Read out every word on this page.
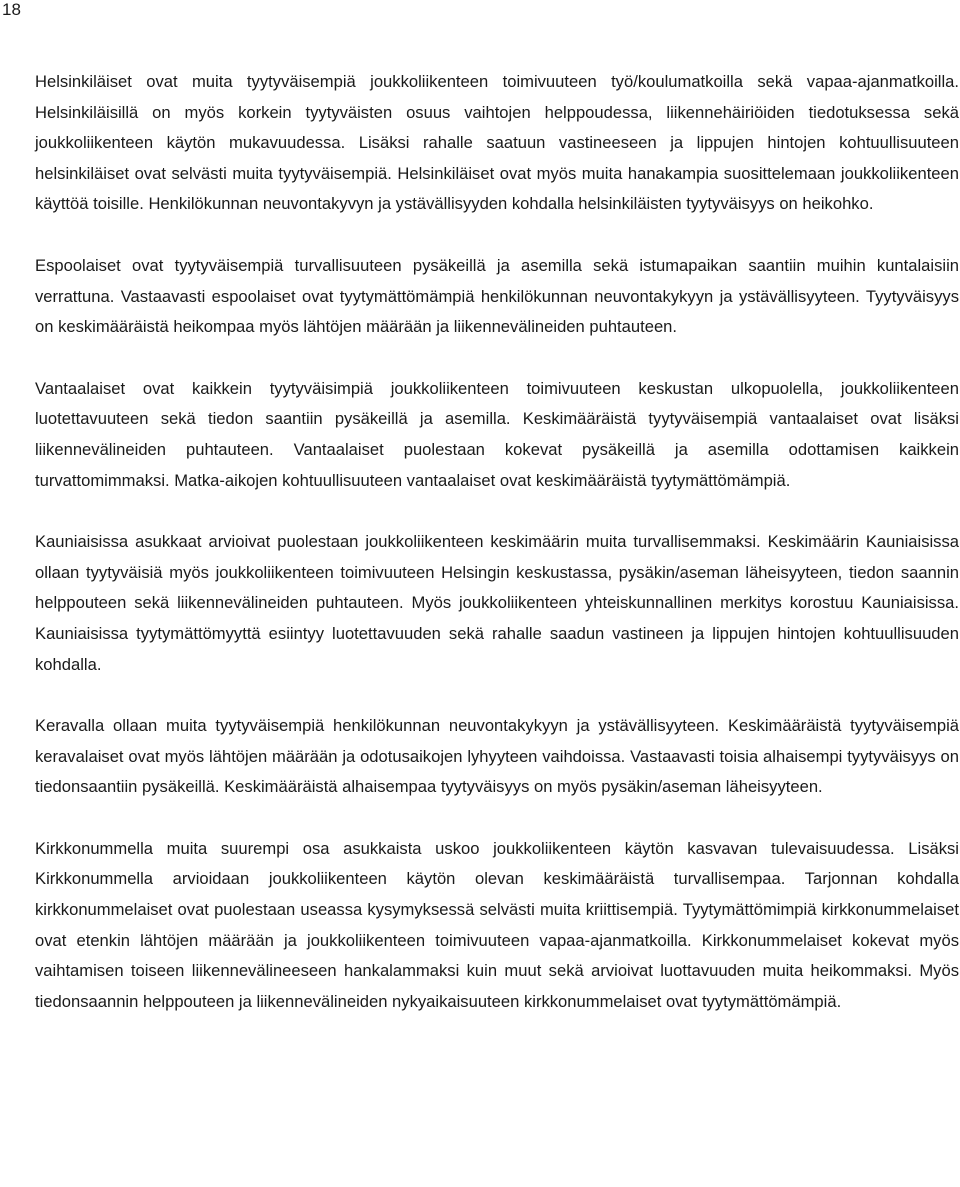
18

Helsinkiläiset ovat muita tyytyväisempiä joukkoliikenteen toimivuuteen työ/koulumatkoilla sekä vapaa-ajanmatkoilla. Helsinkiläisillä on myös korkein tyytyväisten osuus vaihtojen helppoudessa, liikennehäiriöiden tiedotuksessa sekä joukkoliikenteen käytön mukavuudessa. Lisäksi rahalle saatuun vastineeseen ja lippujen hintojen kohtuullisuuteen helsinkiläiset ovat selvästi muita tyytyväisempiä. Helsinkiläiset ovat myös muita hanakampia suosittelemaan joukkoliikenteen käyttöä toisille. Henkilökunnan neuvontakyvyn ja ystävällisyyden kohdalla helsinkiläisten tyytyväisyys on heikohko.

Espoolaiset ovat tyytyväisempiä turvallisuuteen pysäkeillä ja asemilla sekä istumapaikan saantiin muihin kuntalaisiin verrattuna. Vastaavasti espoolaiset ovat tyytymättömämpiä henkilökunnan neuvontakykyyn ja ystävällisyyteen. Tyytyväisyys on keskimääräistä heikompaa myös lähtöjen määrään ja liikennevälineiden puhtauteen.

Vantaalaiset ovat kaikkein tyytyväisimpiä joukkoliikenteen toimivuuteen keskustan ulkopuolella, joukkoliikenteen luotettavuuteen sekä tiedon saantiin pysäkeillä ja asemilla. Keskimääräistä tyytyväisempiä vantaalaiset ovat lisäksi liikennevälineiden puhtauteen. Vantaalaiset puolestaan kokevat pysäkeillä ja asemilla odottamisen kaikkein turvattomimmaksi. Matka-aikojen kohtuullisuuteen vantaalaiset ovat keskimääräistä tyytymättömämpiä.

Kauniaisissa asukkaat arvioivat puolestaan joukkoliikenteen keskimäärin muita turvallisemmaksi. Keskimäärin Kauniaisissa ollaan tyytyväisiä myös joukkoliikenteen toimivuuteen Helsingin keskustassa, pysäkin/aseman läheisyyteen, tiedon saannin helppouteen sekä liikennevälineiden puhtauteen. Myös joukkoliikenteen yhteiskunnallinen merkitys korostuu Kauniaisissa. Kauniaisissa tyytymättömyyttä esiintyy luotettavuuden sekä rahalle saadun vastineen ja lippujen hintojen kohtuullisuuden kohdalla.

Keravalla ollaan muita tyytyväisempiä henkilökunnan neuvontakykyyn ja ystävällisyyteen. Keskimääräistä tyytyväisempiä keravalaiset ovat myös lähtöjen määrään ja odotusaikojen lyhyyteen vaihdoissa. Vastaavasti toisia alhaisempi tyytyväisyys on tiedonsaantiin pysäkeillä. Keskimääräistä alhaisempaa tyytyväisyys on myös pysäkin/aseman läheisyyteen.

Kirkkonummella muita suurempi osa asukkaista uskoo joukkoliikenteen käytön kasvavan tulevaisuudessa. Lisäksi Kirkkonummella arvioidaan joukkoliikenteen käytön olevan keskimääräistä turvallisempaa. Tarjonnan kohdalla kirkkonummelaiset ovat puolestaan useassa kysymyksessä selvästi muita kriittisempiä. Tyytymättömimpiä kirkkonummelaiset ovat etenkin lähtöjen määrään ja joukkoliikenteen toimivuuteen vapaa-ajanmatkoilla. Kirkkonummelaiset kokevat myös vaihtamisen toiseen liikennevälineeseen hankalammaksi kuin muut sekä arvioivat luottavuuden muita heikommaksi. Myös tiedonsaannin helppouteen ja liikennevälineiden nykyaikaisuuteen kirkkonummelaiset ovat tyytymättömämpiä.
